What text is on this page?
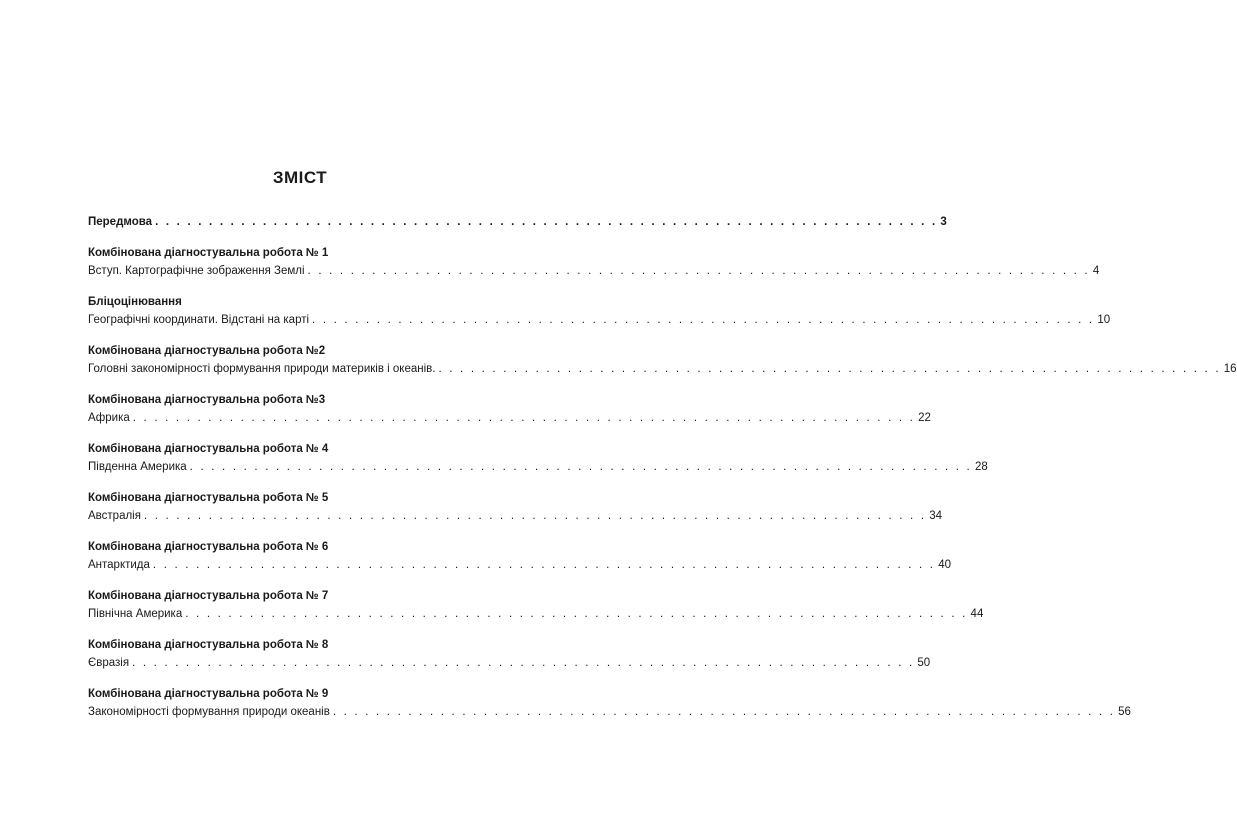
ЗМІСТ
Передмова . . . . . . . . . . . . . . . . . . . . . . . . . . . . . . . . . . . . . . . . . . . . . . . . . . . . . . . . . . . . . . . . . . . . . . . . . 3
Комбінована діагностувальна робота № 1
Вступ. Картографічне зображення Землі . . . . . . . . . . . . . . . . . . . . . . . . . . . . . . . . . . . . . . . . . . . . . . . . . . . . . . . . . . . . . . . . . . . . . . . . . 4
Бліцоцінювання
Географічні координати. Відстані на карті . . . . . . . . . . . . . . . . . . . . . . . . . . . . . . . . . . . . . . . . . . . . . . . . . . . . . . . . . . . . . . . . . . . . . . . . . 10
Комбінована діагностувальна робота №2
Головні закономірності формування природи материків і океанів. . . . . . . . . . . . . . . . . . . . . . . . . . . . . . . . . . . . . . . . . . . . . . . . . . . . . . . . . . . . . . . . . . . . . . . . . . 16
Комбінована діагностувальна робота №3
Африка . . . . . . . . . . . . . . . . . . . . . . . . . . . . . . . . . . . . . . . . . . . . . . . . . . . . . . . . . . . . . . . . . . . . . . . . . 22
Комбінована діагностувальна робота № 4
Південна Америка . . . . . . . . . . . . . . . . . . . . . . . . . . . . . . . . . . . . . . . . . . . . . . . . . . . . . . . . . . . . . . . . . . . . . . . . . 28
Комбінована діагностувальна робота № 5
Австралія . . . . . . . . . . . . . . . . . . . . . . . . . . . . . . . . . . . . . . . . . . . . . . . . . . . . . . . . . . . . . . . . . . . . . . . . . 34
Комбінована діагностувальна робота № 6
Антарктида . . . . . . . . . . . . . . . . . . . . . . . . . . . . . . . . . . . . . . . . . . . . . . . . . . . . . . . . . . . . . . . . . . . . . . . . . 40
Комбінована діагностувальна робота № 7
Північна Америка . . . . . . . . . . . . . . . . . . . . . . . . . . . . . . . . . . . . . . . . . . . . . . . . . . . . . . . . . . . . . . . . . . . . . . . . . 44
Комбінована діагностувальна робота № 8
Євразія . . . . . . . . . . . . . . . . . . . . . . . . . . . . . . . . . . . . . . . . . . . . . . . . . . . . . . . . . . . . . . . . . . . . . . . . . 50
Комбінована діагностувальна робота № 9
Закономірності формування природи океанів . . . . . . . . . . . . . . . . . . . . . . . . . . . . . . . . . . . . . . . . . . . . . . . . . . . . . . . . . . . . . . . . . . . . . . . . . 56
